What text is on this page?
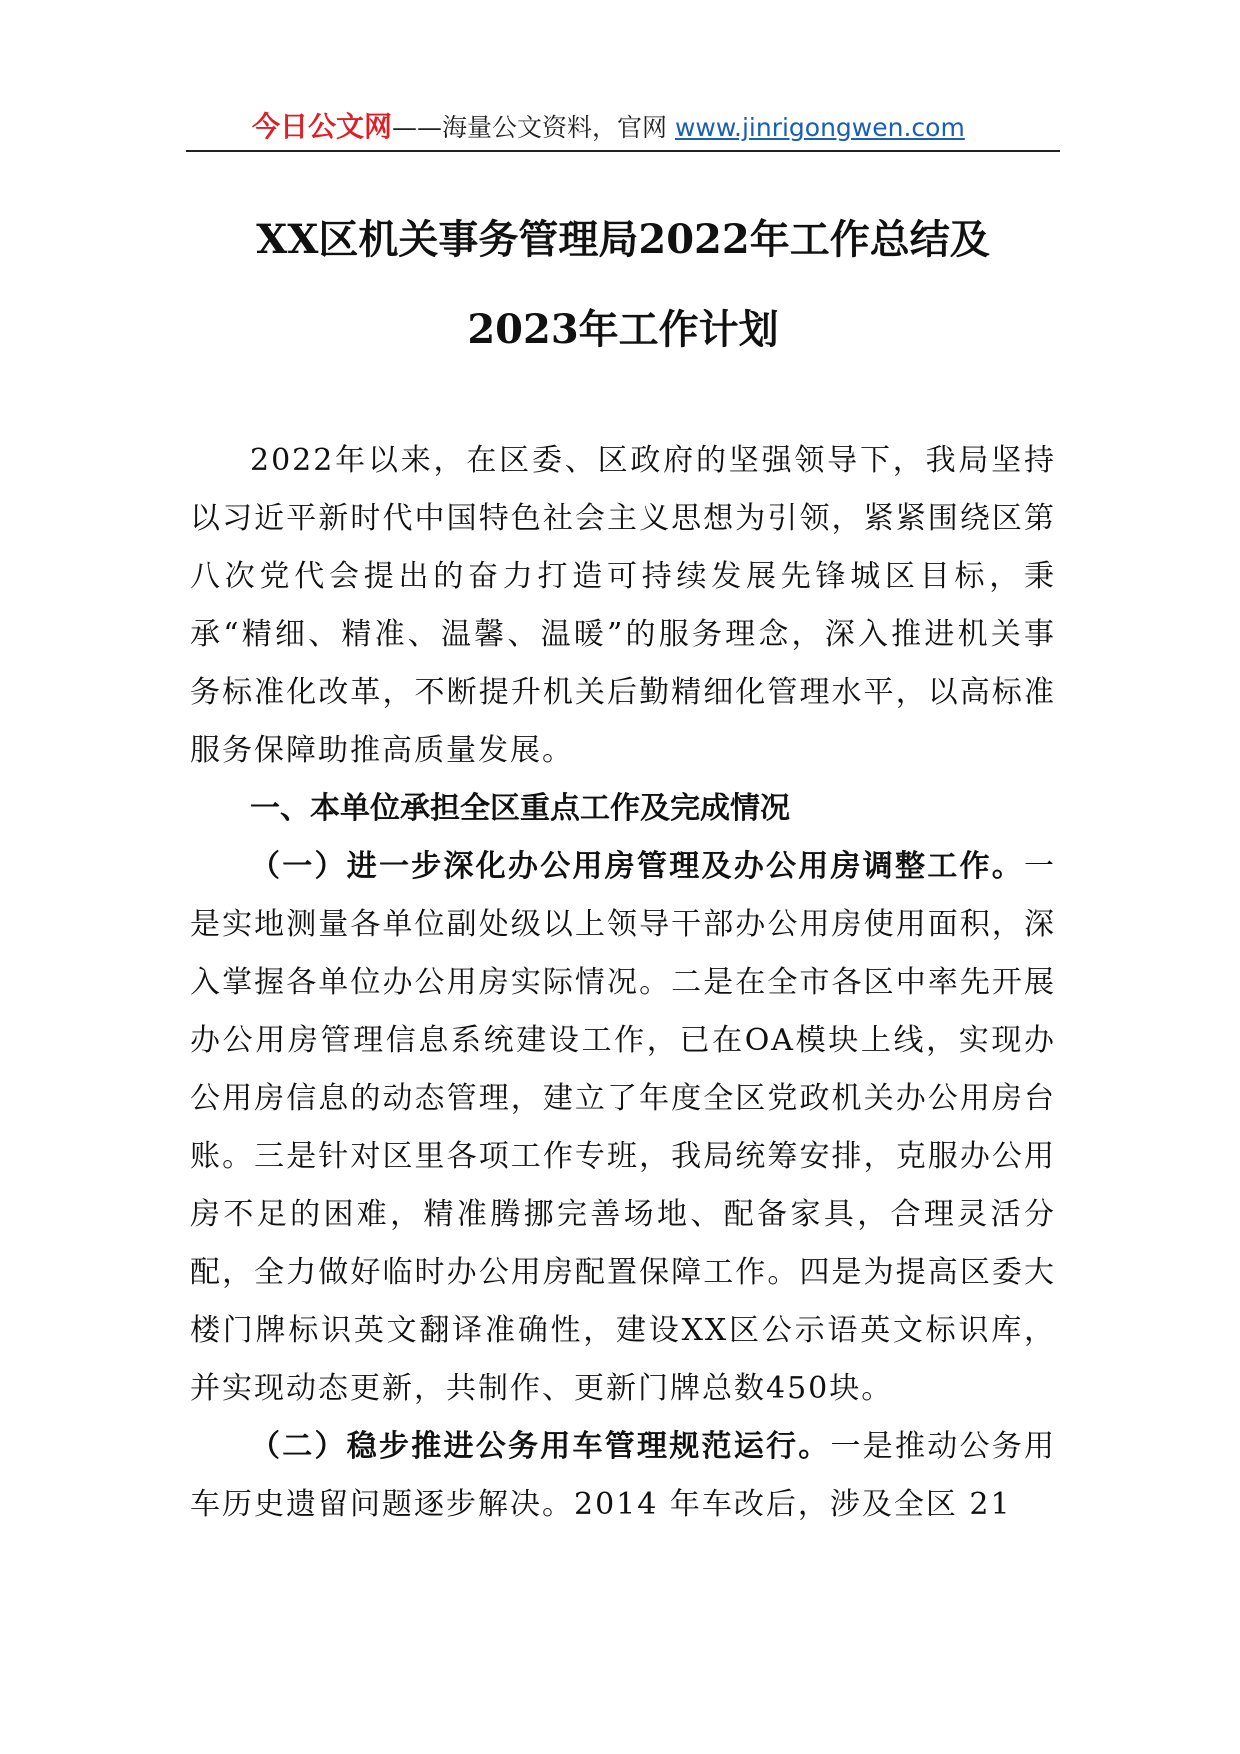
今日公文网——海量公文资料，官网 www.jinrigongwen.com
XX区机关事务管理局2022年工作总结及
2023年工作计划

2022年以来，在区委、区政府的坚强领导下，我局坚持以习近平新时代中国特色社会主义思想为引领，紧紧围绕区第八次党代会提出的奋力打造可持续发展先锋城区目标，秉承“精细、精准、温馨、温暖”的服务理念，深入推进机关事务标准化改革，不断提升机关后勤精细化管理水平，以高标准服务保障助推高质量发展。

一、本单位承担全区重点工作及完成情况

（一）进一步深化办公用房管理及办公用房调整工作。一是实地测量各单位副处级以上领导干部办公用房使用面积，深入掌握各单位办公用房实际情况。二是在全市各区中率先开展办公用房管理信息系统建设工作，已在OA模块上线，实现办公用房信息的动态管理，建立了年度全区党政机关办公用房台账。三是针对区里各项工作专班，我局统筹安排，克服办公用房不足的困难，精准腾挪完善场地、配备家具，合理灵活分配，全力做好临时办公用房配置保障工作。四是为提高区委大楼门牌标识英文翻译准确性，建设XX区公示语英文标识库，并实现动态更新，共制作、更新门牌总数450块。

（二）稳步推进公务用车管理规范运行。一是推动公务用车历史遗留问题逐步解决。2014 年车改后，涉及全区 21
